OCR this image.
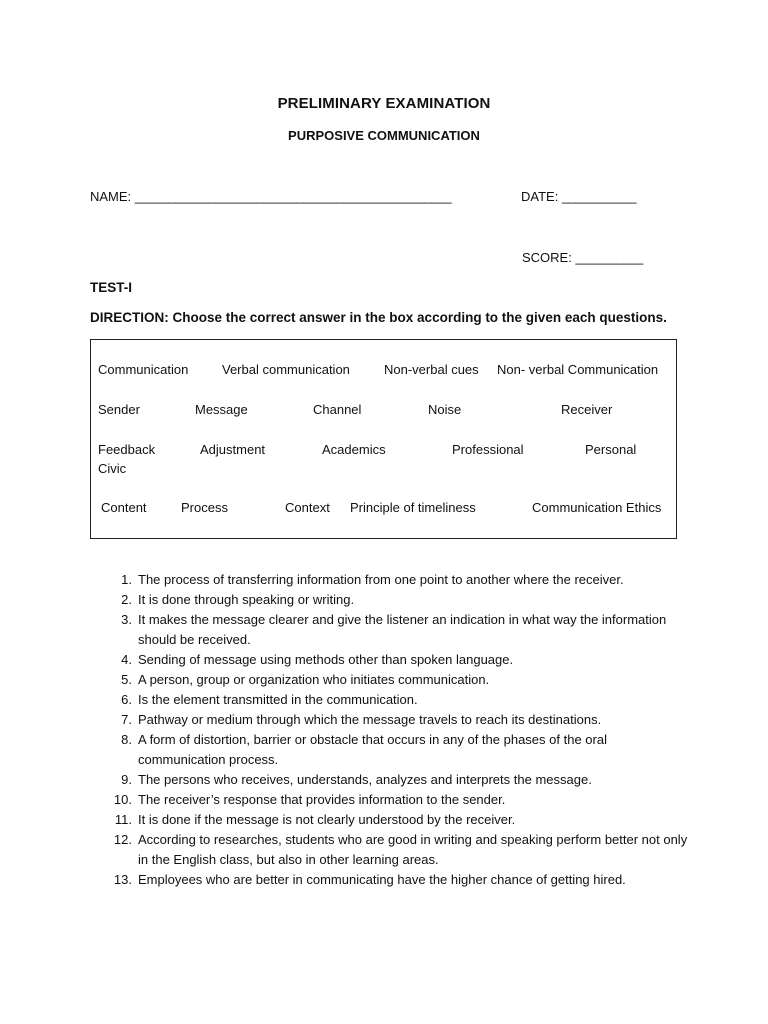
PRELIMINARY EXAMINATION
PURPOSIVE COMMUNICATION
NAME: _______________________________________________	DATE: ___________
SCORE: __________
TEST-I
DIRECTION: Choose the correct answer in the box according to the given each questions.
Communication	Verbal communication	Non-verbal cues Non- verbal Communication
Sender	Message	Channel	Noise	Receiver
Feedback	Adjustment	Academics	Professional	Personal
Civic
Content	Process	Context Principle of timeliness	Communication Ethics
1. The process of transferring information from one point to another where the receiver.
2. It is done through speaking or writing.
3. It makes the message clearer and give the listener an indication in what way the information should be received.
4. Sending of message using methods other than spoken language.
5. A person, group or organization who initiates communication.
6. Is the element transmitted in the communication.
7. Pathway or medium through which the message travels to reach its destinations.
8. A form of distortion, barrier or obstacle that occurs in any of the phases of the oral communication process.
9. The persons who receives, understands, analyzes and interprets the message.
10. The receiver’s response that provides information to the sender.
11. It is done if the message is not clearly understood by the receiver.
12. According to researches, students who are good in writing and speaking perform better not only in the English class, but also in other learning areas.
13. Employees who are better in communicating have the higher chance of getting hired.
